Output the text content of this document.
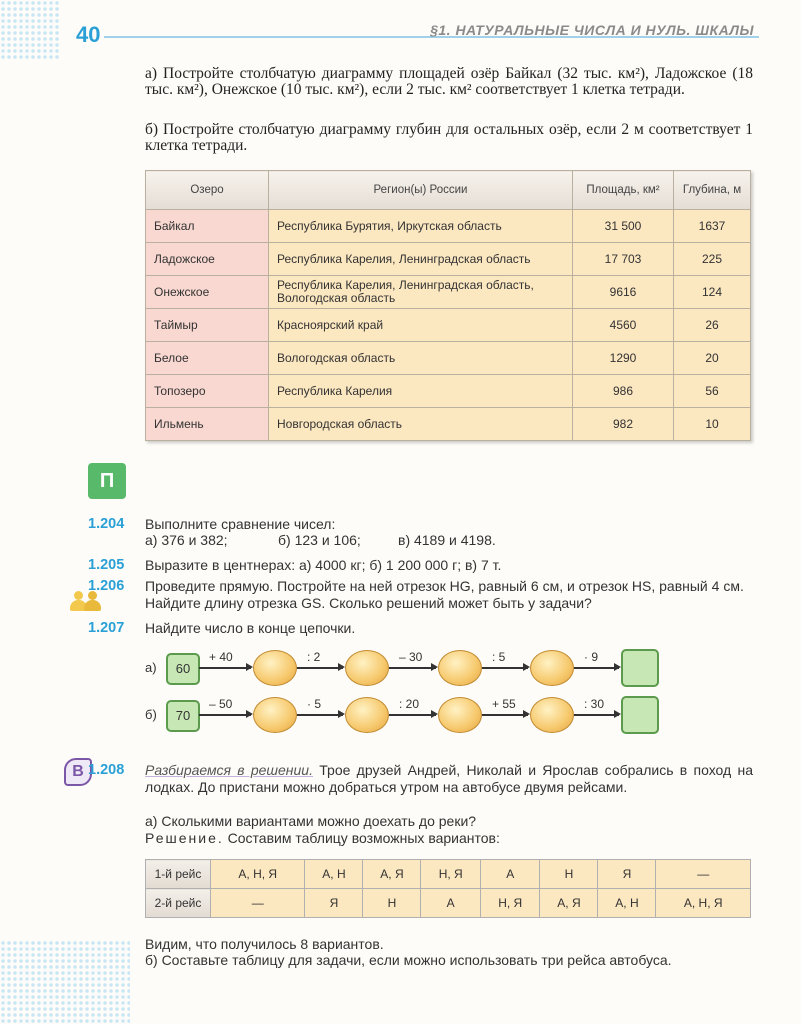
40	§1. НАТУРАЛЬНЫЕ ЧИСЛА И НУЛЬ. ШКАЛЫ
а) Постройте столбчатую диаграмму площадей озёр Байкал (32 тыс. км²), Ладожское (18 тыс. км²), Онежское (10 тыс. км²), если 2 тыс. км² соответствует 1 клетка тетради.
б) Постройте столбчатую диаграмму глубин для остальных озёр, если 2 м соответствует 1 клетка тетради.
Озеро	Регион(ы) России	Площадь, км²	Глубина, м
Байкал	Республика Бурятия, Иркутская область	31 500	1637
Ладожское	Республика Карелия, Ленинградская область	17 703	225
Онежское	Республика Карелия, Ленинградская область, Вологодская область	9616	124
Таймыр	Красноярский край	4560	26
Белое	Вологодская область	1290	20
Топозеро	Республика Карелия	986	56
Ильмень	Новгородская область	982	10
П
1.204 Выполните сравнение чисел:
а) 376 и 382;	б) 123 и 106;	в) 4189 и 4198.
1.205 Выразите в центнерах: а) 4000 кг; б) 1 200 000 г; в) 7 т.
1.206 Проведите прямую. Постройте на ней отрезок HG, равный 6 см, и отрезок HS, равный 4 см. Найдите длину отрезка GS. Сколько решений может быть у задачи?
1.207 Найдите число в конце цепочки.
а)	60
+ 40	: 2	– 30	: 5	· 9
б)	70
– 50	· 5	: 20	+ 55	: 30
В 1.208 Разбираемся в решении. Трое друзей Андрей, Николай и Ярослав собрались в поход на лодках. До пристани можно добраться утром на автобусе двумя рейсами.
а) Сколькими вариантами можно доехать до реки?
Решение. Составим таблицу возможных вариантов:
1-й рейс	А, Н, Я	А, Н	А, Я	Н, Я	А	Н	Я	—
2-й рейс	—	Я	Н	А	Н, Я	А, Я	А, Н	А, Н, Я
Видим, что получилось 8 вариантов.
б) Составьте таблицу для задачи, если можно использовать три рейса автобуса.
